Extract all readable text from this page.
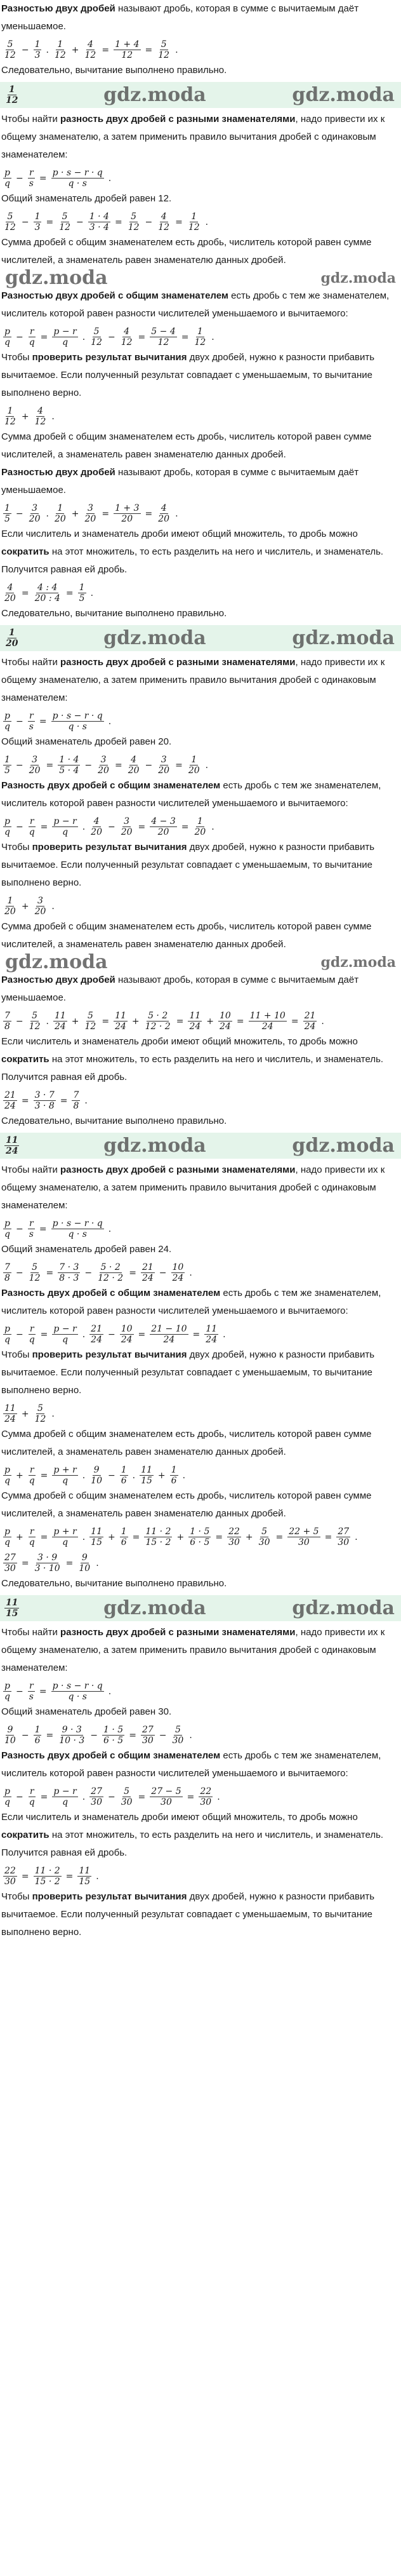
Разностью двух дробей называют дробь, которая в сумме с вычитаемым даёт уменьшаемое.

$\frac{5}{12} - \frac{1}{3}$ . $\frac{1}{12} + \frac{4}{12} = \frac{1 + 4}{12} = \frac{5}{12}$ .

Следовательно, вычитание выполнено правильно.

$\frac{1}{12}$	gdz.moda	gdz.moda

Чтобы найти разность двух дробей с разными знаменателями, надо привести их к общему знаменателю, а затем применить правило вычитания дробей с одинаковым знаменателем:

$\frac{p}{q} - \frac{r}{s} = \frac{p \cdot s - r \cdot q}{q \cdot s}$ .

Общий знаменатель дробей равен 12.

$\frac{5}{12} - \frac{1}{3} = \frac{5}{12} - \frac{1 \cdot 4}{3 \cdot 4} = \frac{5}{12} - \frac{4}{12} = \frac{1}{12}$ .

Сумма дробей с общим знаменателем есть дробь, числитель которой равен сумме числителей, а знаменатель равен знаменателю данных дробей.

gdz.moda	gdz.moda

Разностью двух дробей с общим знаменателем есть дробь с тем же знаменателем, числитель которой равен разности числителей уменьшаемого и вычитаемого:

$\frac{p}{q} - \frac{r}{q} = \frac{p - r}{q}$ . $\frac{5}{12} - \frac{4}{12} = \frac{5 - 4}{12} = \frac{1}{12}$ .

Чтобы проверить результат вычитания двух дробей, нужно к разности прибавить вычитаемое. Если полученный результат совпадает с уменьшаемым, то вычитание выполнено верно.

$\frac{1}{12} + \frac{4}{12}$ .

Сумма дробей с общим знаменателем есть дробь, числитель которой равен сумме числителей, а знаменатель равен знаменателю данных дробей.

Разностью двух дробей называют дробь, которая в сумме с вычитаемым даёт уменьшаемое.

$\frac{1}{5} - \frac{3}{20}$ . $\frac{1}{20} + \frac{3}{20} = \frac{1 + 3}{20} = \frac{4}{20}$ .

Если числитель и знаменатель дроби имеют общий множитель, то дробь можно сократить на этот множитель, то есть разделить на него и числитель, и знаменатель. Получится равная ей дробь.

$\frac{4}{20} = \frac{4 : 4}{20 : 4} = \frac{1}{5}$ .

Следовательно, вычитание выполнено правильно.

$\frac{1}{20}$	gdz.moda	gdz.moda

Чтобы найти разность двух дробей с разными знаменателями, надо привести их к общему знаменателю, а затем применить правило вычитания дробей с одинаковым знаменателем:

$\frac{p}{q} - \frac{r}{s} = \frac{p \cdot s - r \cdot q}{q \cdot s}$ .

Общий знаменатель дробей равен 20.

$\frac{1}{5} - \frac{3}{20} = \frac{1 \cdot 4}{5 \cdot 4} - \frac{3}{20} = \frac{4}{20} - \frac{3}{20} = \frac{1}{20}$ .

Разность двух дробей с общим знаменателем есть дробь с тем же знаменателем, числитель которой равен разности числителей уменьшаемого и вычитаемого:

$\frac{p}{q} - \frac{r}{q} = \frac{p - r}{q}$ . $\frac{4}{20} - \frac{3}{20} = \frac{4 - 3}{20} = \frac{1}{20}$ .

Чтобы проверить результат вычитания двух дробей, нужно к разности прибавить вычитаемое. Если полученный результат совпадает с уменьшаемым, то вычитание выполнено верно.

$\frac{1}{20} + \frac{3}{20}$ .

Сумма дробей с общим знаменателем есть дробь, числитель которой равен сумме числителей, а знаменатель равен знаменателю данных дробей.

gdz.moda	gdz.moda

Разностью двух дробей называют дробь, которая в сумме с вычитаемым даёт уменьшаемое.

$\frac{7}{8} - \frac{5}{12}$ . $\frac{11}{24} + \frac{5}{12} = \frac{11}{24} + \frac{5 \cdot 2}{12 \cdot 2} = \frac{11}{24} + \frac{10}{24} = \frac{11 + 10}{24} = \frac{21}{24}$ .

Если числитель и знаменатель дроби имеют общий множитель, то дробь можно сократить на этот множитель, то есть разделить на него и числитель, и знаменатель. Получится равная ей дробь.

$\frac{21}{24} = \frac{3 \cdot 7}{3 \cdot 8} = \frac{7}{8}$ .

Следовательно, вычитание выполнено правильно.

$\frac{11}{24}$	gdz.moda	gdz.moda

Чтобы найти разность двух дробей с разными знаменателями, надо привести их к общему знаменателю, а затем применить правило вычитания дробей с одинаковым знаменателем:

$\frac{p}{q} - \frac{r}{s} = \frac{p \cdot s - r \cdot q}{q \cdot s}$ .

Общий знаменатель дробей равен 24.

$\frac{7}{8} - \frac{5}{12} = \frac{7 \cdot 3}{8 \cdot 3} - \frac{5 \cdot 2}{12 \cdot 2} = \frac{21}{24} - \frac{10}{24}$ .

Разность двух дробей с общим знаменателем есть дробь с тем же знаменателем, числитель которой равен разности числителей уменьшаемого и вычитаемого:

$\frac{p}{q} - \frac{r}{q} = \frac{p - r}{q}$ . $\frac{21}{24} - \frac{10}{24} = \frac{21 - 10}{24} = \frac{11}{24}$ .

Чтобы проверить результат вычитания двух дробей, нужно к разности прибавить вычитаемое. Если полученный результат совпадает с уменьшаемым, то вычитание выполнено верно.

$\frac{11}{24} + \frac{5}{12}$ .

Сумма дробей с общим знаменателем есть дробь, числитель которой равен сумме числителей, а знаменатель равен знаменателю данных дробей.

$\frac{p}{q} + \frac{r}{q} = \frac{p + r}{q}$ . $\frac{9}{10} - \frac{1}{6}$ . $\frac{11}{15} + \frac{1}{6}$ .

Сумма дробей с общим знаменателем есть дробь, числитель которой равен сумме числителей, а знаменатель равен знаменателю данных дробей.

$\frac{p}{q} + \frac{r}{q} = \frac{p + r}{q}$ . $\frac{11}{15} + \frac{1}{6} = \frac{11 \cdot 2}{15 \cdot 2} + \frac{1 \cdot 5}{6 \cdot 5} = \frac{22}{30} + \frac{5}{30} = \frac{22 + 5}{30} = \frac{27}{30}$ .
$\frac{27}{30} = \frac{3 \cdot 9}{3 \cdot 10} = \frac{9}{10}$ .

Следовательно, вычитание выполнено правильно.

$\frac{11}{15}$	gdz.moda	gdz.moda

Чтобы найти разность двух дробей с разными знаменателями, надо привести их к общему знаменателю, а затем применить правило вычитания дробей с одинаковым знаменателем:

$\frac{p}{q} - \frac{r}{s} = \frac{p \cdot s - r \cdot q}{q \cdot s}$ .

Общий знаменатель дробей равен 30.

$\frac{9}{10} - \frac{1}{6} = \frac{9 \cdot 3}{10 \cdot 3} - \frac{1 \cdot 5}{6 \cdot 5} = \frac{27}{30} - \frac{5}{30}$ .

Разность двух дробей с общим знаменателем есть дробь с тем же знаменателем, числитель которой равен разности числителей уменьшаемого и вычитаемого:

$\frac{p}{q} - \frac{r}{q} = \frac{p - r}{q}$ . $\frac{27}{30} - \frac{5}{30} = \frac{27 - 5}{30} = \frac{22}{30}$ .

Если числитель и знаменатель дроби имеют общий множитель, то дробь можно сократить на этот множитель, то есть разделить на него и числитель, и знаменатель. Получится равная ей дробь.

$\frac{22}{30} = \frac{11 \cdot 2}{15 \cdot 2} = \frac{11}{15}$ .

Чтобы проверить результат вычитания двух дробей, нужно к разности прибавить вычитаемое. Если полученный результат совпадает с уменьшаемым, то вычитание выполнено верно.
